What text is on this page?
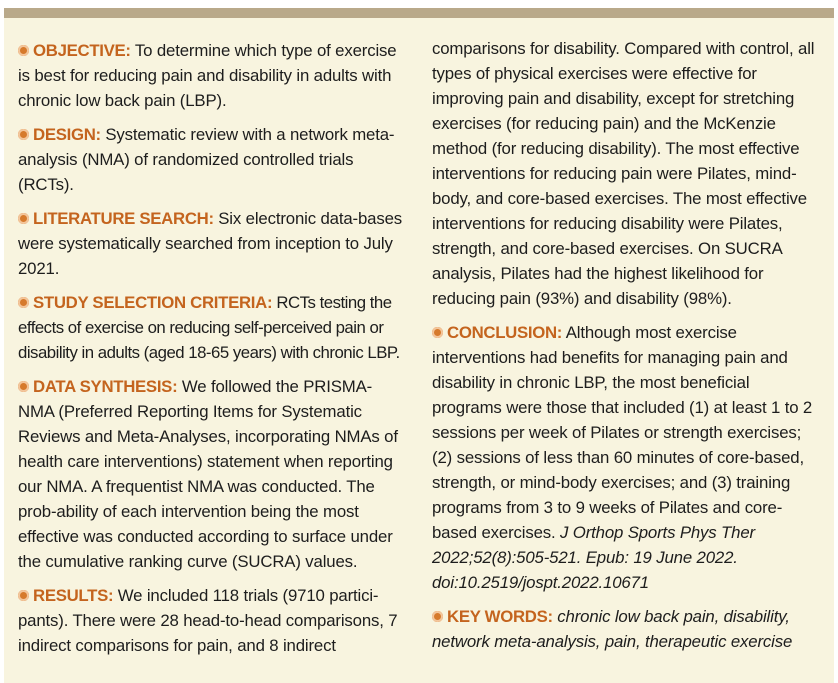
OBJECTIVE: To determine which type of exercise is best for reducing pain and disability in adults with chronic low back pain (LBP).

DESIGN: Systematic review with a network meta-analysis (NMA) of randomized controlled trials (RCTs).

LITERATURE SEARCH: Six electronic data-bases were systematically searched from inception to July 2021.

STUDY SELECTION CRITERIA: RCTs testing the effects of exercise on reducing self-perceived pain or disability in adults (aged 18-65 years) with chronic LBP.

DATA SYNTHESIS: We followed the PRISMA-NMA (Preferred Reporting Items for Systematic Reviews and Meta-Analyses, incorporating NMAs of health care interventions) statement when reporting our NMA. A frequentist NMA was conducted. The prob-ability of each intervention being the most effective was conducted according to surface under the cumulative ranking curve (SUCRA) values.

RESULTS: We included 118 trials (9710 partici-pants). There were 28 head-to-head comparisons, 7 indirect comparisons for pain, and 8 indirect

comparisons for disability. Compared with control, all types of physical exercises were effective for improving pain and disability, except for stretching exercises (for reducing pain) and the McKenzie method (for reducing disability). The most effective interventions for reducing pain were Pilates, mind-body, and core-based exercises. The most effective interventions for reducing disability were Pilates, strength, and core-based exercises. On SUCRA analysis, Pilates had the highest likelihood for reducing pain (93%) and disability (98%).

CONCLUSION: Although most exercise interventions had benefits for managing pain and disability in chronic LBP, the most beneficial programs were those that included (1) at least 1 to 2 sessions per week of Pilates or strength exercises; (2) sessions of less than 60 minutes of core-based, strength, or mind-body exercises; and (3) training programs from 3 to 9 weeks of Pilates and core-based exercises. J Orthop Sports Phys Ther 2022;52(8):505-521. Epub: 19 June 2022. doi:10.2519/jospt.2022.10671

KEY WORDS: chronic low back pain, disability, network meta-analysis, pain, therapeutic exercise
